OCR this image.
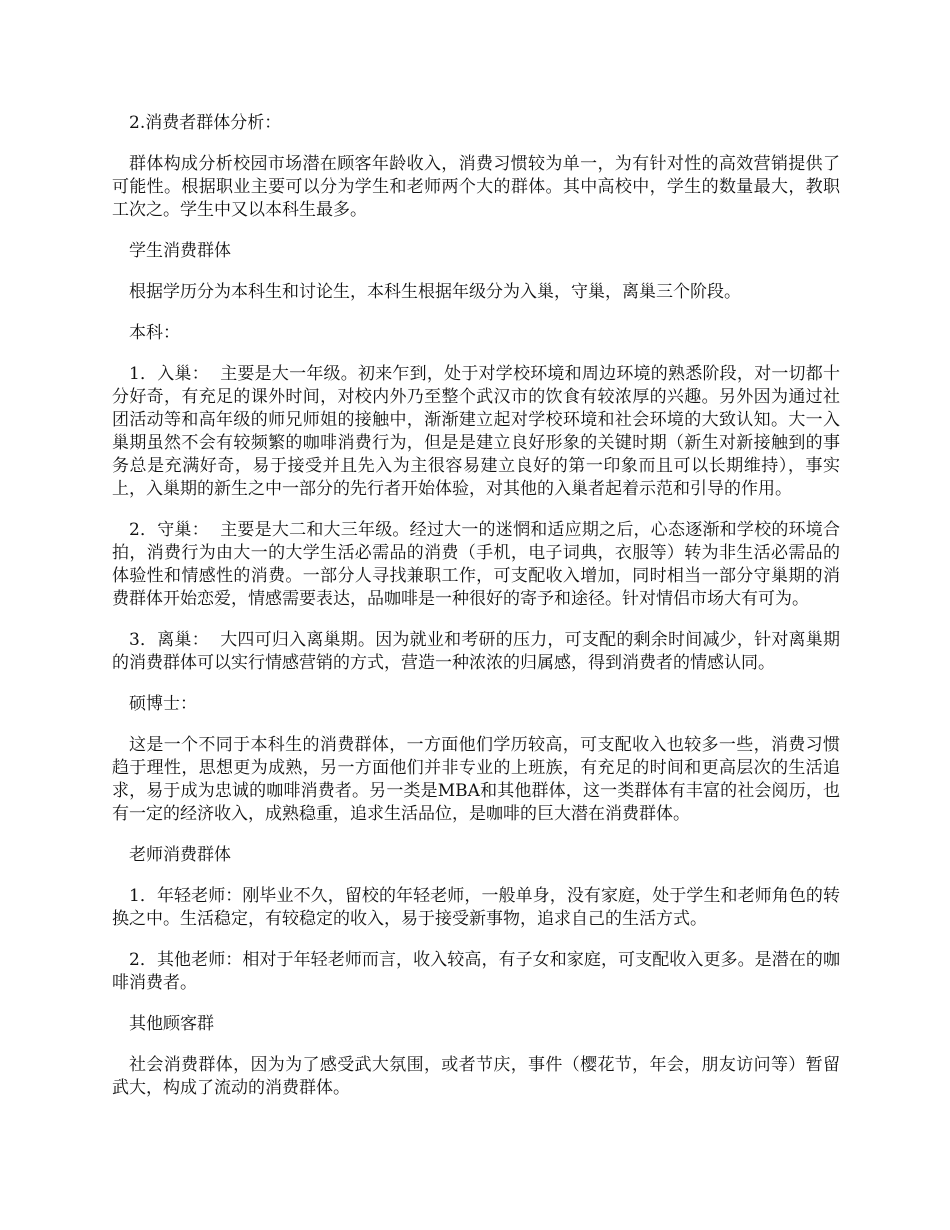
2.消费者群体分析：

群体构成分析校园市场潜在顾客年龄收入，消费习惯较为单一，为有针对性的高效营销提供了可能性。根据职业主要可以分为学生和老师两个大的群体。其中高校中，学生的数量最大，教职工次之。学生中又以本科生最多。

学生消费群体

根据学历分为本科生和讨论生，本科生根据年级分为入巢，守巢，离巢三个阶段。

本科：

1．入巢： 主要是大一年级。初来乍到，处于对学校环境和周边环境的熟悉阶段，对一切都十分好奇，有充足的课外时间，对校内外乃至整个武汉市的饮食有较浓厚的兴趣。另外因为通过社团活动等和高年级的师兄师姐的接触中，渐渐建立起对学校环境和社会环境的大致认知。大一入巢期虽然不会有较频繁的咖啡消费行为，但是是建立良好形象的关键时期（新生对新接触到的事务总是充满好奇，易于接受并且先入为主很容易建立良好的第一印象而且可以长期维持），事实上，入巢期的新生之中一部分的先行者开始体验，对其他的入巢者起着示范和引导的作用。

2．守巢： 主要是大二和大三年级。经过大一的迷惘和适应期之后，心态逐渐和学校的环境合拍，消费行为由大一的大学生活必需品的消费（手机，电子词典，衣服等）转为非生活必需品的体验性和情感性的消费。一部分人寻找兼职工作，可支配收入增加，同时相当一部分守巢期的消费群体开始恋爱，情感需要表达，品咖啡是一种很好的寄予和途径。针对情侣市场大有可为。

3．离巢： 大四可归入离巢期。因为就业和考研的压力，可支配的剩余时间减少，针对离巢期的消费群体可以实行情感营销的方式，营造一种浓浓的归属感，得到消费者的情感认同。

硕博士：

这是一个不同于本科生的消费群体，一方面他们学历较高，可支配收入也较多一些，消费习惯趋于理性，思想更为成熟，另一方面他们并非专业的上班族，有充足的时间和更高层次的生活追求，易于成为忠诚的咖啡消费者。另一类是MBA和其他群体，这一类群体有丰富的社会阅历，也有一定的经济收入，成熟稳重，追求生活品位，是咖啡的巨大潜在消费群体。

老师消费群体

1．年轻老师：刚毕业不久，留校的年轻老师，一般单身，没有家庭，处于学生和老师角色的转换之中。生活稳定，有较稳定的收入，易于接受新事物，追求自己的生活方式。

2．其他老师：相对于年轻老师而言，收入较高，有子女和家庭，可支配收入更多。是潜在的咖啡消费者。

其他顾客群

社会消费群体，因为为了感受武大氛围，或者节庆，事件（樱花节，年会，朋友访问等）暂留武大，构成了流动的消费群体。
